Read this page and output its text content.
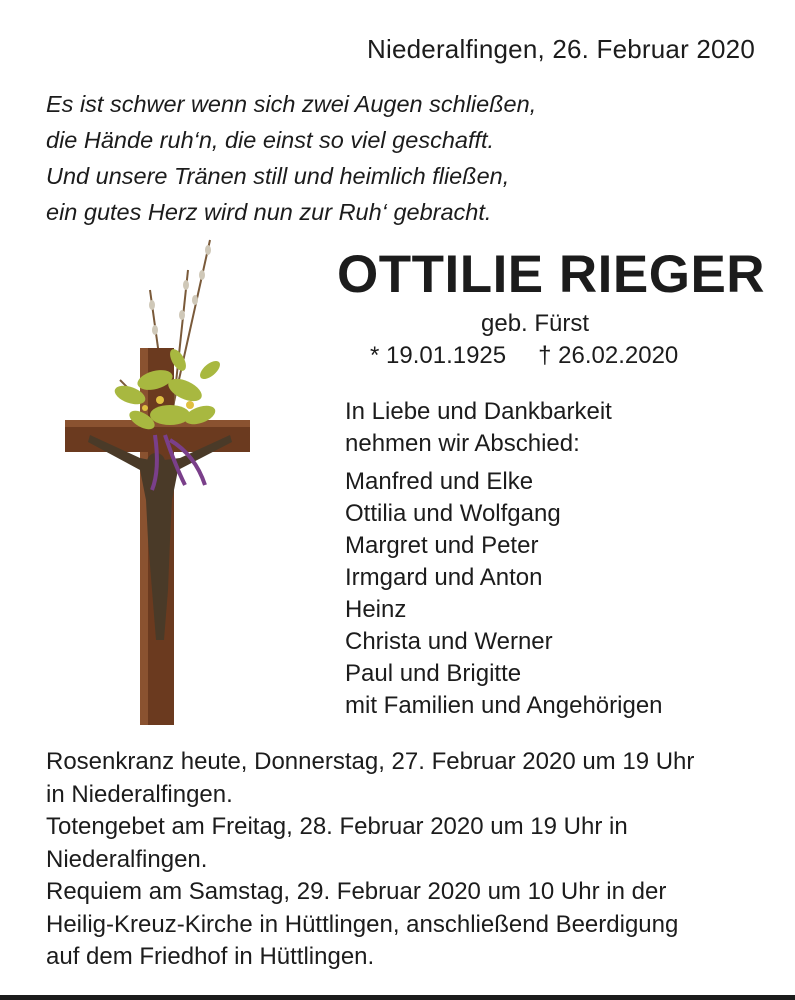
Niederalfingen, 26. Februar 2020
Es ist schwer wenn sich zwei Augen schließen,
die Hände ruh‘n, die einst so viel geschafft.
Und unsere Tränen still und heimlich fließen,
ein gutes Herz wird nun zur Ruh‘ gebracht.
OTTILIE RIEGER
geb. Fürst
* 19.01.1925 † 26.02.2020
In Liebe und Dankbarkeit
nehmen wir Abschied:
Manfred und Elke
Ottilia und Wolfgang
Margret und Peter
Irmgard und Anton
Heinz
Christa und Werner
Paul und Brigitte
mit Familien und Angehörigen
Rosenkranz heute, Donnerstag, 27. Februar 2020 um 19 Uhr
in Niederalfingen.
Totengebet am Freitag, 28. Februar 2020 um 19 Uhr in
Niederalfingen.
Requiem am Samstag, 29. Februar 2020 um 10 Uhr in der
Heilig-Kreuz-Kirche in Hüttlingen, anschließend Beerdigung
auf dem Friedhof in Hüttlingen.
